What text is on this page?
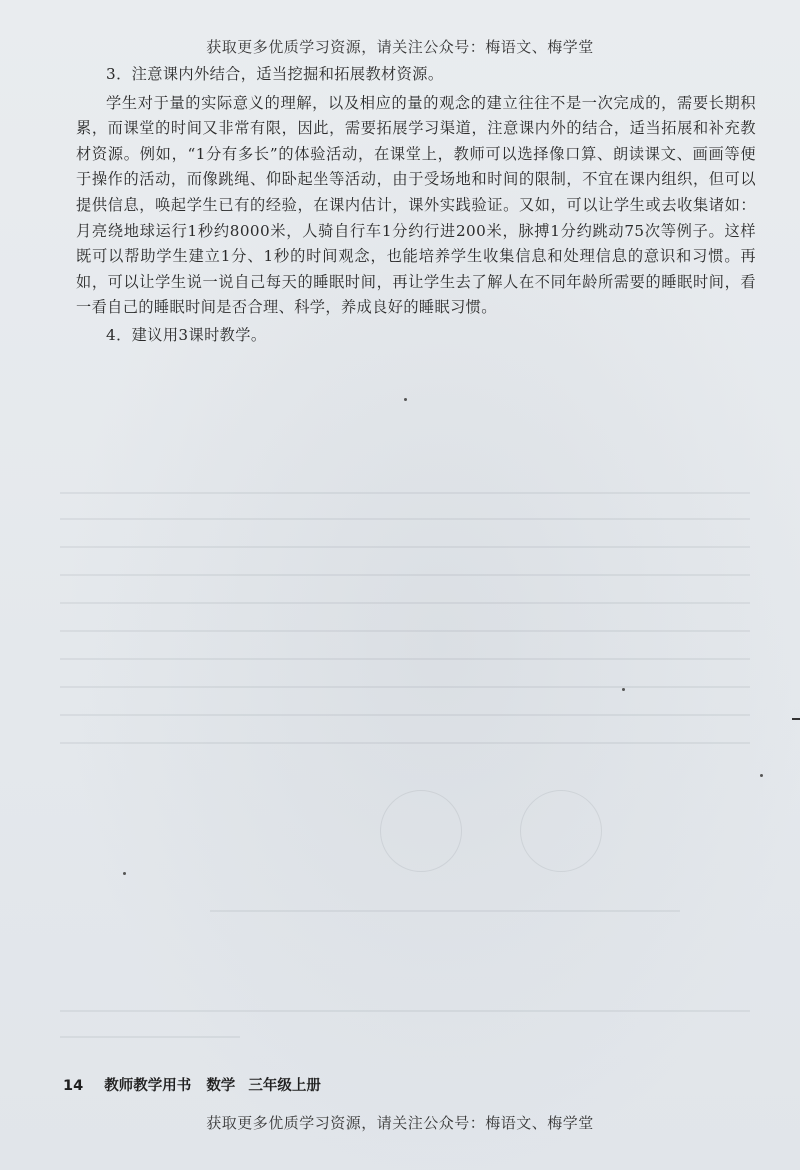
获取更多优质学习资源，请关注公众号：梅语文、梅学堂

3．注意课内外结合，适当挖掘和拓展教材资源。

学生对于量的实际意义的理解，以及相应的量的观念的建立往往不是一次完成的，需要长期积累，而课堂的时间又非常有限，因此，需要拓展学习渠道，注意课内外的结合，适当拓展和补充教材资源。例如，“1分有多长”的体验活动，在课堂上，教师可以选择像口算、朗读课文、画画等便于操作的活动，而像跳绳、仰卧起坐等活动，由于受场地和时间的限制，不宜在课内组织，但可以提供信息，唤起学生已有的经验，在课内估计，课外实践验证。又如，可以让学生或去收集诸如：月亮绕地球运行1秒约8000米，人骑自行车1分约行进200米，脉搏1分约跳动75次等例子。这样既可以帮助学生建立1分、1秒的时间观念，也能培养学生收集信息和处理信息的意识和习惯。再如，可以让学生说一说自己每天的睡眠时间，再让学生去了解人在不同年龄所需要的睡眠时间，看一看自己的睡眠时间是否合理、科学，养成良好的睡眠习惯。

4．建议用3课时教学。

14 教师教学用书 数学 三年级上册
获取更多优质学习资源，请关注公众号：梅语文、梅学堂
